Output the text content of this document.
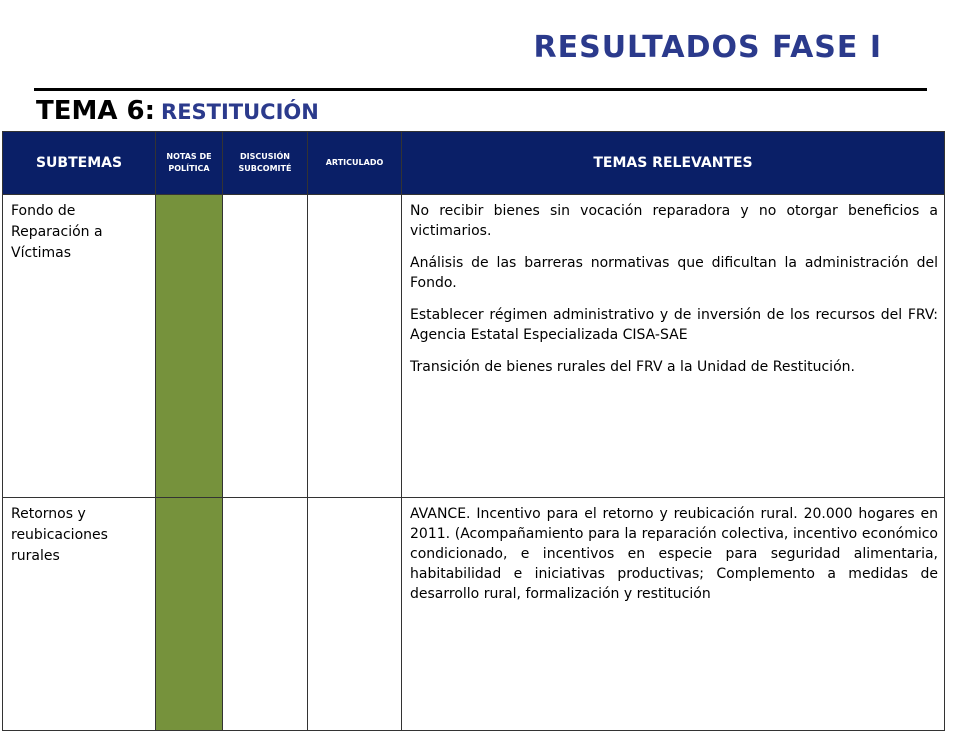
RESULTADOS FASE I
TEMA 6: RESTITUCIÓN
SUBTEMAS	NOTAS DE POLÍTICA	DISCUSIÓN SUBCOMITÉ	ARTICULADO	TEMAS RELEVANTES
Fondo de Reparación a Víctimas				No recibir bienes sin vocación reparadora y no otorgar beneficios a victimarios.

Análisis de las barreras normativas que dificultan la administración del Fondo.

Establecer régimen administrativo y de inversión de los recursos del FRV: Agencia Estatal Especializada CISA-SAE

Transición de bienes rurales del FRV a la Unidad de Restitución.

Retornos y reubicaciones rurales				AVANCE. Incentivo para el retorno y reubicación rural. 20.000 hogares en 2011. (Acompañamiento para la reparación colectiva, incentivo económico condicionado, e incentivos en especie para seguridad alimentaria, habitabilidad e iniciativas productivas; Complemento a medidas de desarrollo rural, formalización y restitución
